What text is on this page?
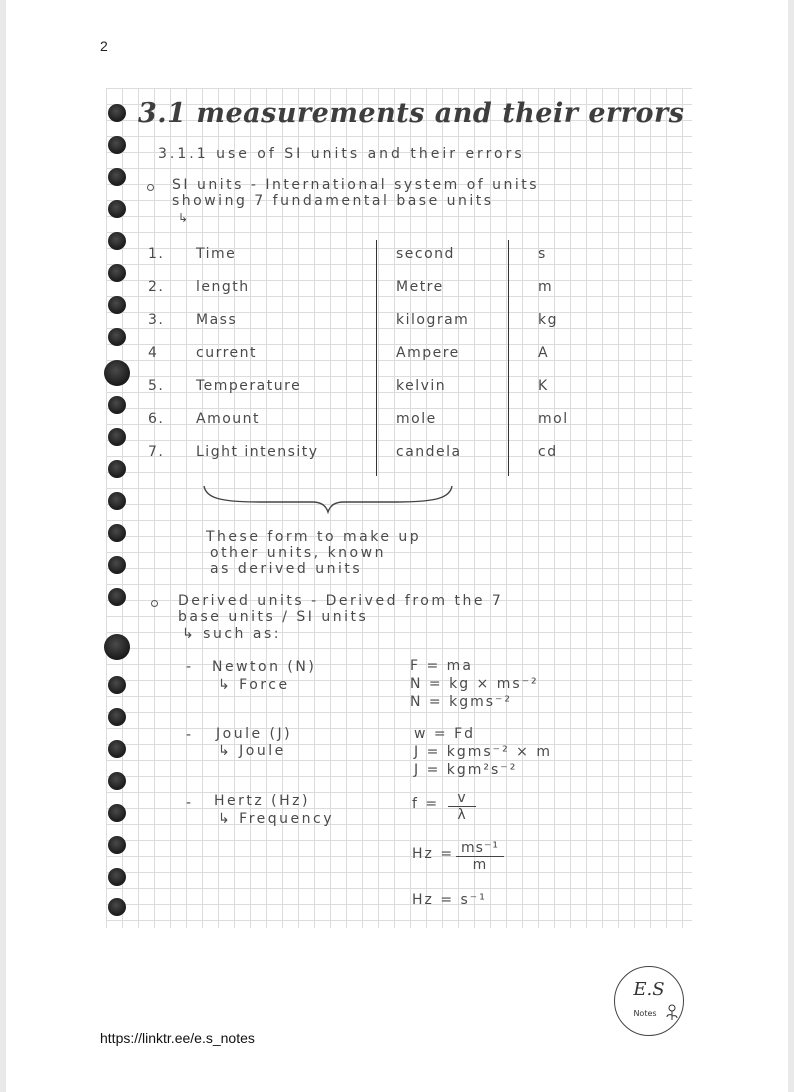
2
3.1 measurements and their errors
3.1.1 use of SI units and their errors
SI units - International system of units
showing 7 fundamental base units
↳
1. Time	second	s
2. length	Metre	m
3. Mass	kilogram	kg
4	current	Ampere	A
5. Temperature	kelvin	K
6. Amount	mole	mol
7. Light intensity	candela	cd
These form to make up
other units, known
as derived units
Derived units - Derived from the 7
base units / SI units
↳ such as:
- Newton (N)
↳ Force
F = ma
N = kg × ms⁻²
N = kgms⁻²
- Joule (J)
↳ Joule
w = Fd
J = kgms⁻² × m
J = kgm²s⁻²
- Hertz (Hz)
↳ Frequency
$f = \frac{v}{\lambda}$
$Hz = \frac{\text{ms⁻¹}}{m}$
Hz = s⁻¹
https://linktr.ee/e.s_notes
E.S
Notes
